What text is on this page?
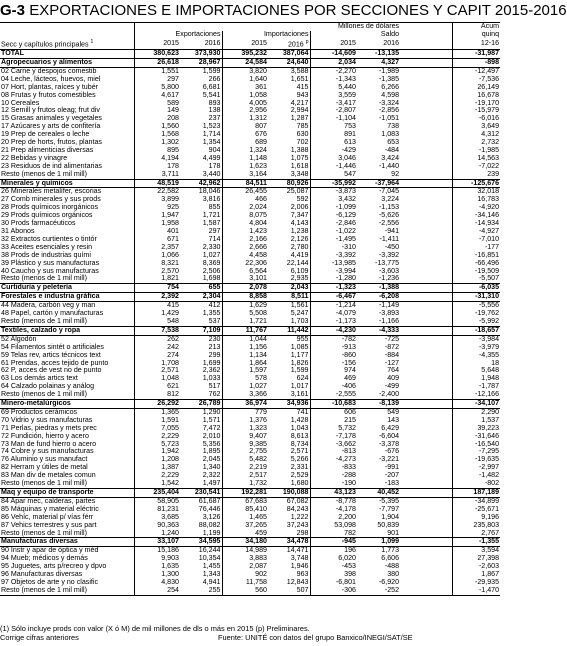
G-3 EXPORTACIONES E IMPORTACIONES POR SECCIONES Y CAPIT 2015-2016
	Millones de dólares							Acum
	Exportaciones		Importaciones		Saldo			quinq
Secc y capítulos principales $^1$	2015	2016	2015	2016 $^p$	2015	2016		12-16
TOTAL	380,623	373,930	395,232	387,064	-14,609	-13,135		-31,987
Agropecuarios y alimentos	26,618	28,967	24,584	24,640	2,034	4,327		-898
02 Carne y despojos comestib	1,551	1,599	3,820	3,588	-2,270	-1,989		-12,497
04 Leche, lácteos, huevos, miel	297	266	1,640	1,651	-1,343	-1,385		-7,536
07 Hort, plantas, raíces y tubér	5,800	6,681	361	415	5,440	6,266		26,149
08 Frutas y frutos comestibles	4,617	5,541	1,058	943	3,559	4,598		16,678
10 Cereales	589	893	4,005	4,217	-3,417	-3,324		-19,170
12 Semill y frutos oleag; frut div	149	138	2,956	2,994	-2,807	-2,856		-15,979
15 Grasas animales y vegetales	208	237	1,312	1,287	-1,104	-1,051		-6,016
17 Azúcares y arts de confitería	1,560	1,523	807	785	753	738		3,649
19 Prep de cereales o leche	1,568	1,714	676	630	891	1,083		4,312
20 Prep de horts, frutos, plantas	1,302	1,354	689	702	613	653		2,732
21 Prep alimenticias diversas	895	904	1,324	1,388	-429	-484		-1,985
22 Bebidas y vinagre	4,194	4,499	1,148	1,075	3,046	3,424		14,563
23 Residuos de ind alimentarias	178	178	1,623	1,618	-1,446	-1,440		-7,022
Resto (menos de 1 mil mill)	3,711	3,440	3,164	3,348	547	92		239
Minerales y químicos	48,519	42,962	84,511	80,926	-35,992	-37,964		-125,676
26 Minerales metalífer, escorias	22,582	18,046	26,455	25,087	-3,873	-7,045		32,018
27 Comb minerales y sus prods	3,899	3,816	466	592	3,432	3,224		16,783
28 Prods químicos inorgánicos	925	855	2,024	2,006	-1,099	-1,153		-4,920
29 Prods químicos orgánicos	1,947	1,721	8,075	7,347	-6,129	-5,626		-34,146
30 Prods farmacéuticos	1,958	1,587	4,804	4,143	-2,846	-2,556		-14,934
31 Abonos	401	297	1,423	1,238	-1,022	-941		-4,927
32 Extractos curtientes o tintór	671	714	2,166	2,126	-1,495	-1,411		-7,010
33 Aceites esenciales y resin	2,357	2,330	2,666	2,780	-310	-450		-177
38 Prods de industrias quími	1,066	1,027	4,458	4,419	-3,392	-3,392		-16,851
39 Plástico y sus manufacturas	8,321	8,369	22,306	22,144	-13,985	-13,775		-66,496
40 Caucho y sus manufacturas	2,570	2,506	6,564	6,109	-3,994	-3,603		-19,509
Resto (menos de 1 mil mill)	1,821	1,698	3,101	2,935	-1,280	-1,236		-5,507
Curtiduría y peletería	754	655	2,078	2,043	-1,323	-1,388		-6,035
Forestales e industria gráfica	2,392	2,304	8,858	8,511	-6,467	-6,208		-31,310
44 Madera, carbón veg y man	415	412	1,629	1,561	-1,214	-1,149		-5,556
48 Papel, cartón y manufacturas	1,429	1,355	5,508	5,247	-4,079	-3,893		-19,762
Resto (menos de 1 mil mill)	548	537	1,721	1,703	-1,173	-1,166		-5,992
Textiles, calzado y ropa	7,538	7,109	11,767	11,442	-4,230	-4,333		-18,657
52 Algodón	262	230	1,044	955	-782	-725		-3,984
54 Filamentos sintét o artificiales	242	213	1,156	1,085	-913	-872		-3,979
59 Telas rev, artics técnicos text	274	299	1,134	1,177	-860	-884		-4,355
61 Prendas, acces tejido de punto	1,708	1,699	1,864	1,826	-156	-127		18
62 P, acces de vest no de punto	2,571	2,362	1,597	1,599	974	764		5,648
63 Los demás artics text	1,048	1,033	578	624	469	409		1,948
64 Calzado polainas y análog	621	517	1,027	1,017	-406	-499		-1,787
Resto (menos de 1 mil mill)	812	762	3,366	3,161	-2,555	-2,400		-12,166
Minero-metalúrgicos	26,292	26,789	36,974	34,936	-10,683	-8,139		-34,107
69 Productos cerámicos	1,365	1,290	779	741	606	549		2,290
70 Vidrio y sus manufacturas	1,591	1,571	1,376	1,428	215	143		1,537
71 Perlas, piedras y mets prec	7,055	7,472	1,323	1,043	5,732	6,429		39,223
72 Fundición, hierro y acero	2,229	2,010	9,407	8,613	-7,178	-6,604		-31,646
73 Man de fund hierro o acero	5,723	5,356	9,385	8,734	-3,662	-3,378		-16,540
74 Cobre y sus manufacturas	1,942	1,895	2,755	2,571	-813	-676		-7,295
76 Aluminio y sus manufact	1,208	2,045	5,482	5,266	-4,273	-3,221		-19,635
82 Herram y útiles de metal	1,387	1,340	2,219	2,331	-833	-991		-2,997
83 Man div de metales comun	2,229	2,322	2,517	2,529	-288	-207		-1,482
Resto (menos de 1 mil mill)	1,542	1,497	1,732	1,680	-190	-183		-802
Maq y equipo de transporte	235,404	230,541	192,281	190,088	43,123	40,452		187,189
84 Apar mec, calderas, partes	58,905	61,687	67,683	67,082	-8,778	-5,395		-34,899
85 Máquinas y material eléctric	81,231	76,446	85,410	84,243	-4,178	-7,797		-25,671
86 Vehíc, material p/ vías férr	3,685	3,126	1,465	1,222	2,200	1,904		9,196
87 Vehics terrestres y sus part	90,363	88,082	37,265	37,243	53,098	50,839		235,803
Resto (menos de 1 mil mill)	1,240	1,199	459	298	782	901		2,767
Manufacturas diversas	33,107	34,595	34,180	34,478	-945	1,099		-1,355
90 Instr y apar de óptica y méd	15,186	16,244	14,989	14,471	196	1,773		3,594
94 Mueb; médicos y demás	9,903	10,354	3,883	3,748	6,020	6,606		27,398
95 Juguetes, arts p/recreo y dpvo	1,635	1,455	2,087	1,946	-453	-488		-2,603
96 Manufacturas diversas	1,300	1,343	902	963	398	380		1,867
97 Objetos de arte y no clasific	4,830	4,941	11,758	12,843	-6,801	-6,920		-29,935
Resto (menos de 1 mil mill)	254	255	560	507	-306	-252		-1,470
(1) Sólo incluye prods con valor (X ó M) de mil millones de dls o más en 2015 (p) Preliminares.
Corrige cifras anteriores	Fuente: UNITÉ con datos del grupo Banxico/INEGI/SAT/SE
